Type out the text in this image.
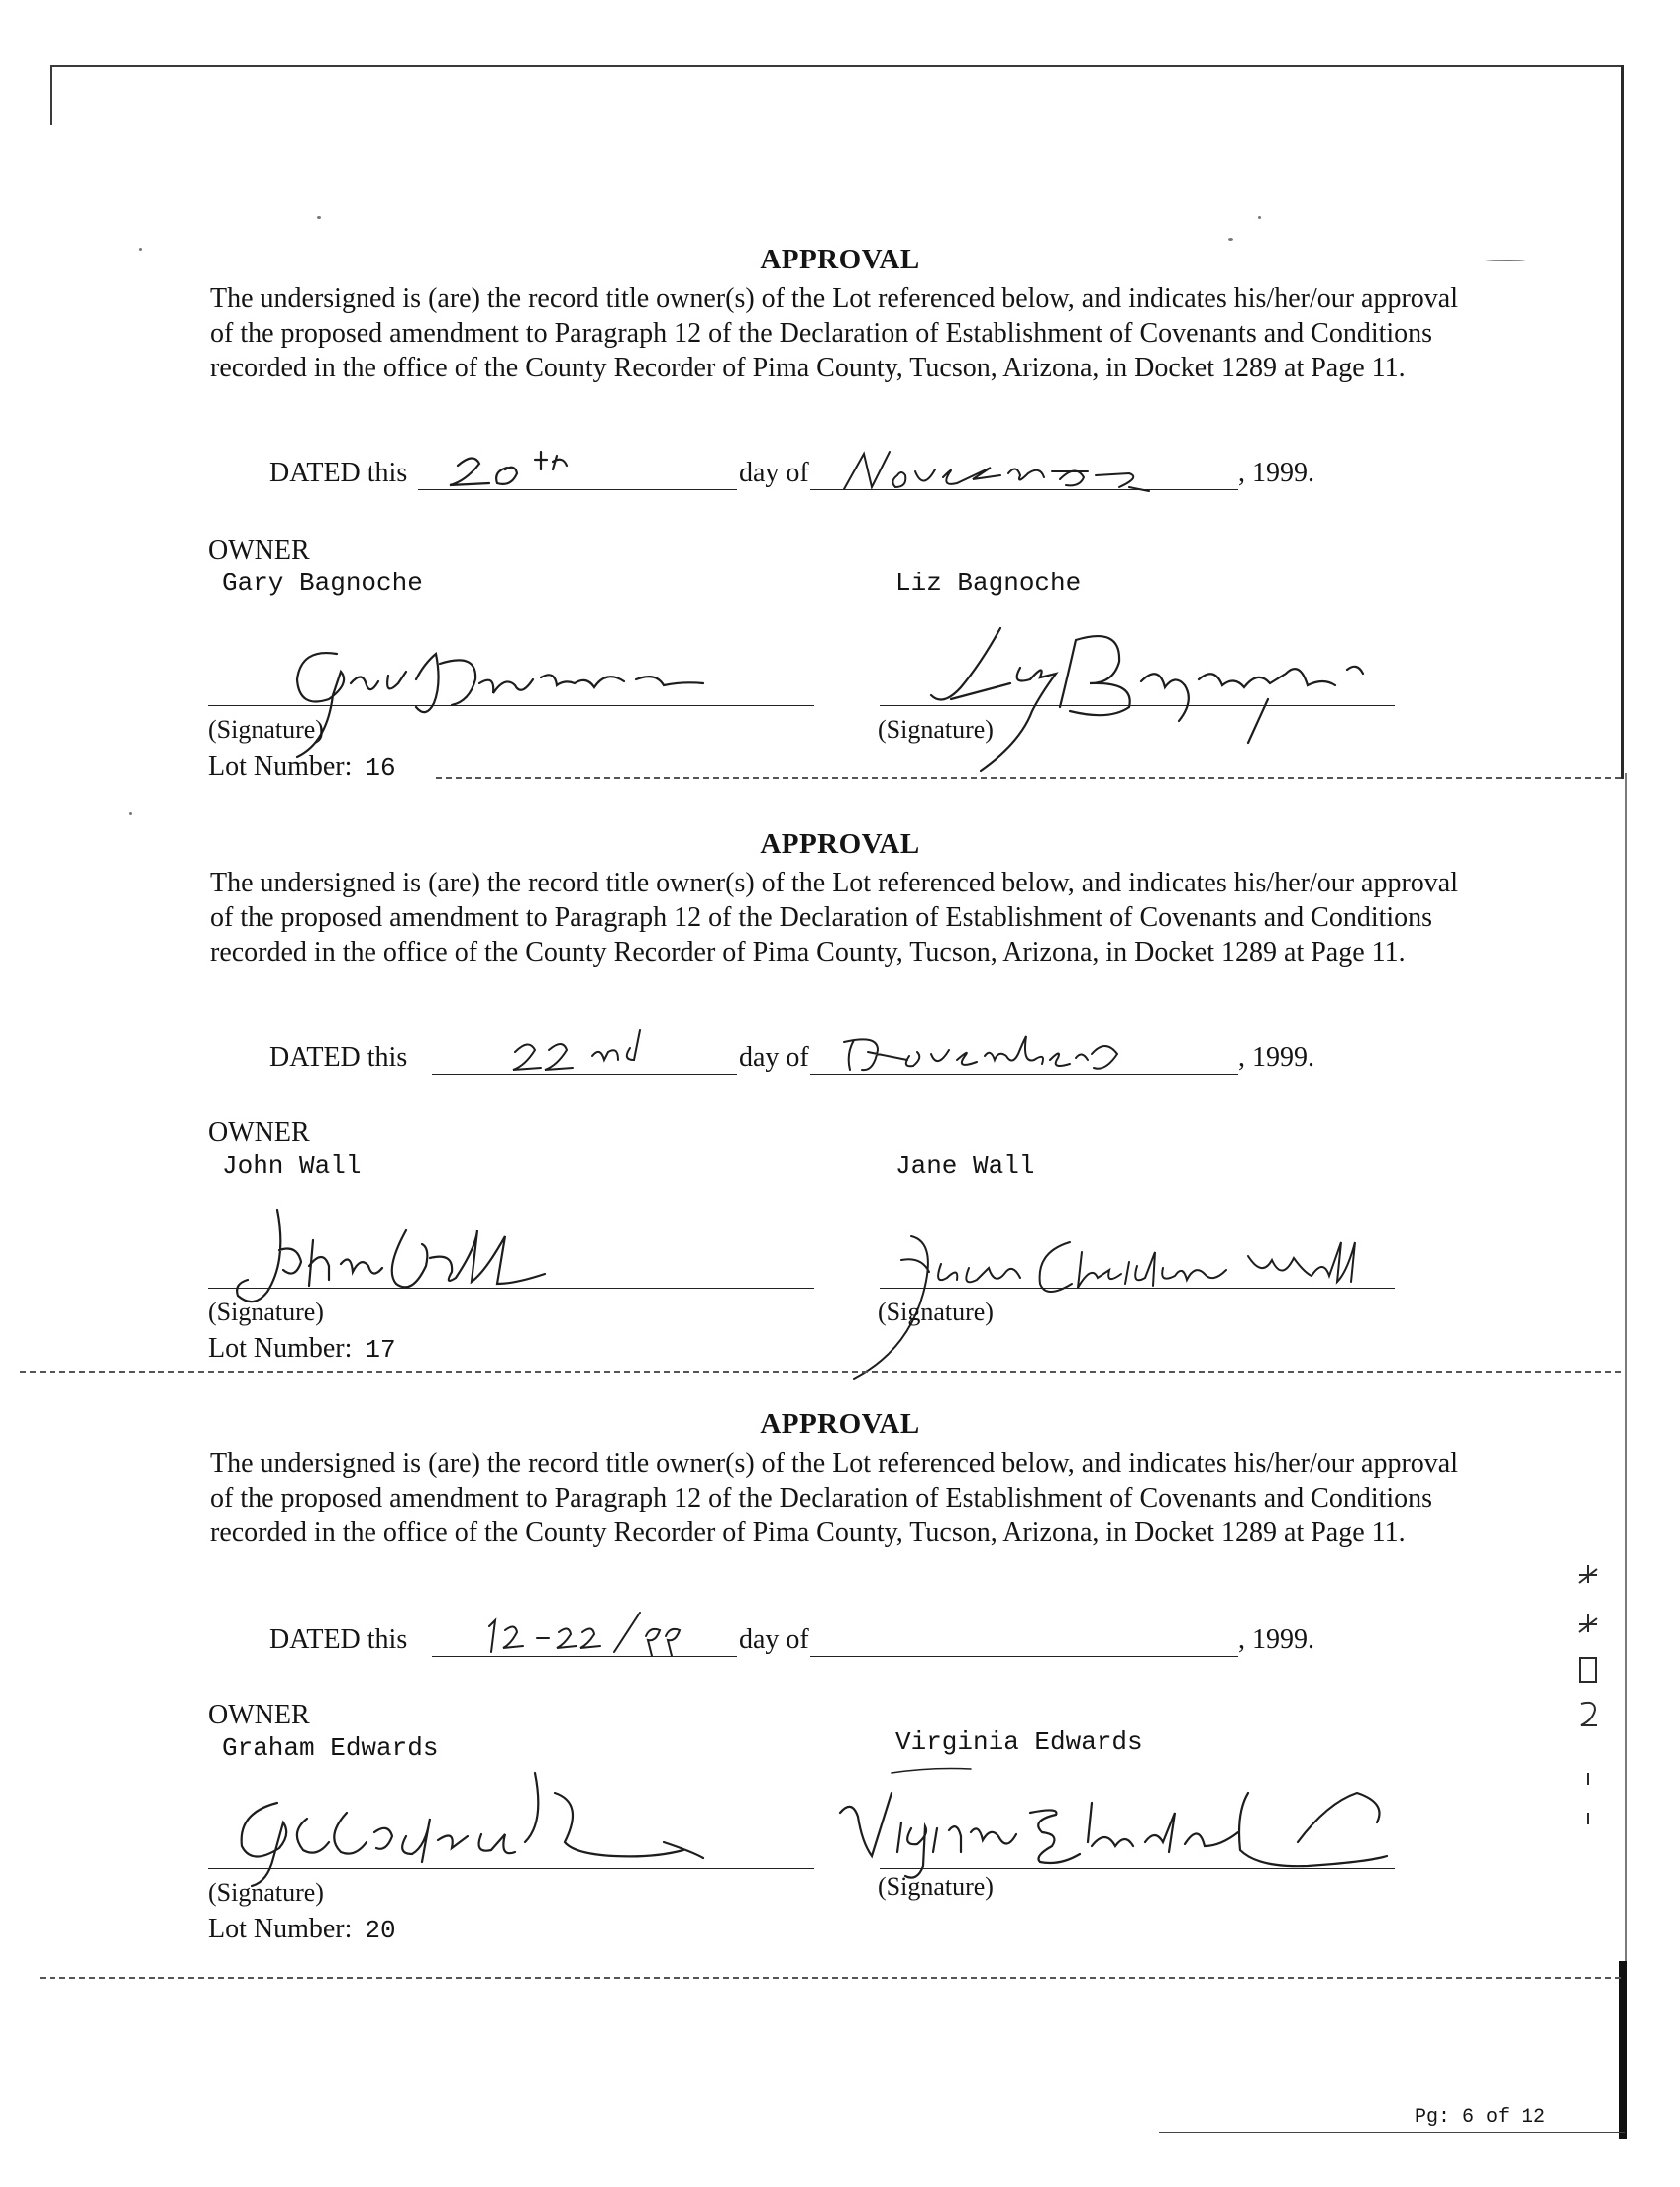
APPROVAL

The undersigned is (are) the record title owner(s) of the Lot referenced below, and indicates his/her/our approval of the proposed amendment to Paragraph 12 of the Declaration of Establishment of Covenants and Conditions recorded in the office of the County Recorder of Pima County, Tucson, Arizona, in Docket 1289 at Page 11.

DATED this	day of	, 1999.
OWNER
Gary Bagnoche	Liz Bagnoche
(Signature)	(Signature)
Lot Number: 16
APPROVAL

The undersigned is (are) the record title owner(s) of the Lot referenced below, and indicates his/her/our approval of the proposed amendment to Paragraph 12 of the Declaration of Establishment of Covenants and Conditions recorded in the office of the County Recorder of Pima County, Tucson, Arizona, in Docket 1289 at Page 11.

DATED this	day of	, 1999.
OWNER
John Wall	Jane Wall
(Signature)	(Signature)
Lot Number: 17
APPROVAL

The undersigned is (are) the record title owner(s) of the Lot referenced below, and indicates his/her/our approval of the proposed amendment to Paragraph 12 of the Declaration of Establishment of Covenants and Conditions recorded in the office of the County Recorder of Pima County, Tucson, Arizona, in Docket 1289 at Page 11.

DATED this	day of	, 1999.
OWNER
Graham Edwards	Virginia Edwards
(Signature)	(Signature)
Lot Number: 20
Pg: 6 of 12
